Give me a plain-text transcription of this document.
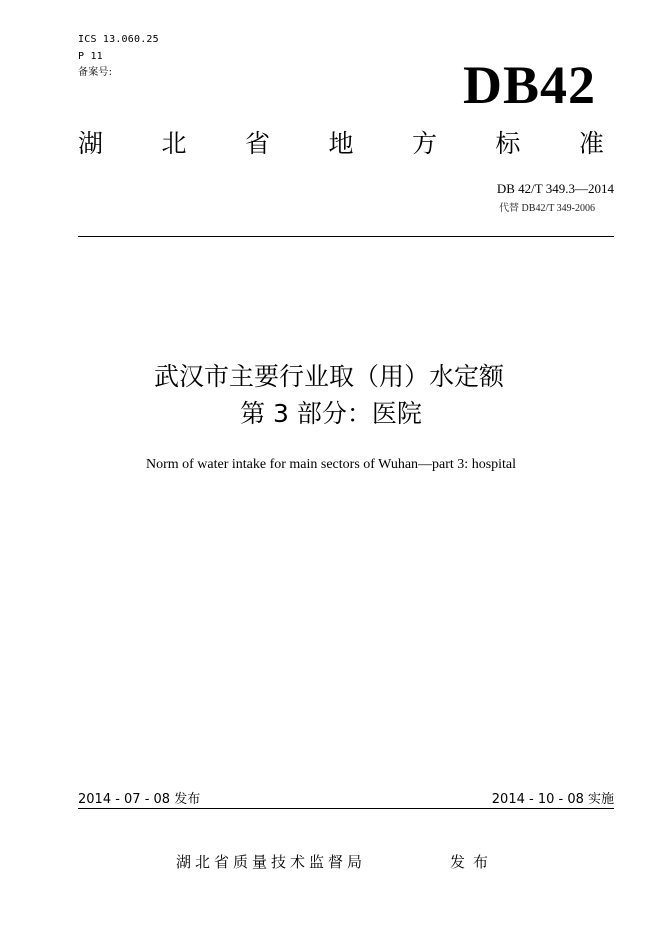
ICS 13.060.25
P 11
备案号:	DB42
湖 北 省 地 方 标 准
DB 42/T 349.3—2014
代替 DB42/T 349-2006
武汉市主要行业取（用）水定额
第 3 部分：医院
Norm of water intake for main sectors of Wuhan—part 3: hospital
2014 - 07 - 08 发布	2014 - 10 - 08 实施
湖北省质量技术监督局	发布
